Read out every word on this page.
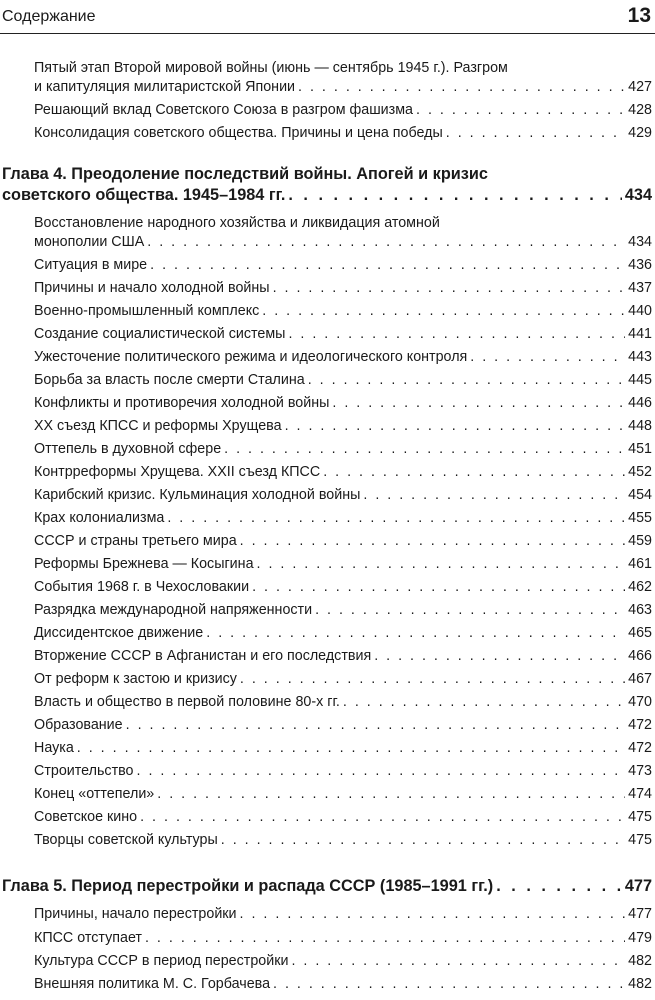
Содержание	13
Пятый этап Второй мировой войны (июнь — сентябрь 1945 г.). Разгром
и капитуляция милитаристской Японии . . .	427
Решающий вклад Советского Союза в разгром фашизма . . .	428
Консолидация советского общества. Причины и цена победы . . .	429
Глава 4. Преодоление последствий войны. Апогей и кризис
советского общества. 1945–1984 гг. . . .	434
Восстановление народного хозяйства и ликвидация атомной
монополии США . . .	434
Ситуация в мире . . .	436
Причины и начало холодной войны . . .	437
Военно-промышленный комплекс . . .	440
Создание социалистической системы . . .	441
Ужесточение политического режима и идеологического контроля . . .	443
Борьба за власть после смерти Сталина . . .	445
Конфликты и противоречия холодной войны . . .	446
XX съезд КПСС и реформы Хрущева . . .	448
Оттепель в духовной сфере . . .	451
Контрреформы Хрущева. XXII съезд КПСС . . .	452
Карибский кризис. Кульминация холодной войны . . .	454
Крах колониализма . . .	455
СССР и страны третьего мира . . .	459
Реформы Брежнева — Косыгина . . .	461
События 1968 г. в Чехословакии . . .	462
Разрядка международной напряженности . . .	463
Диссидентское движение . . .	465
Вторжение СССР в Афганистан и его последствия . . .	466
От реформ к застою и кризису . . .	467
Власть и общество в первой половине 80-х гг. . . .	470
Образование . . .	472
Наука . . .	472
Строительство . . .	473
Конец «оттепели» . . .	474
Советское кино . . .	475
Творцы советской культуры . . .	475
Глава 5. Период перестройки и распада СССР (1985–1991 гг.) . . .	477
Причины, начало перестройки . . .	477
КПСС отступает . . .	479
Культура СССР в период перестройки . . .	482
Внешняя политика М. С. Горбачева . . .	482
